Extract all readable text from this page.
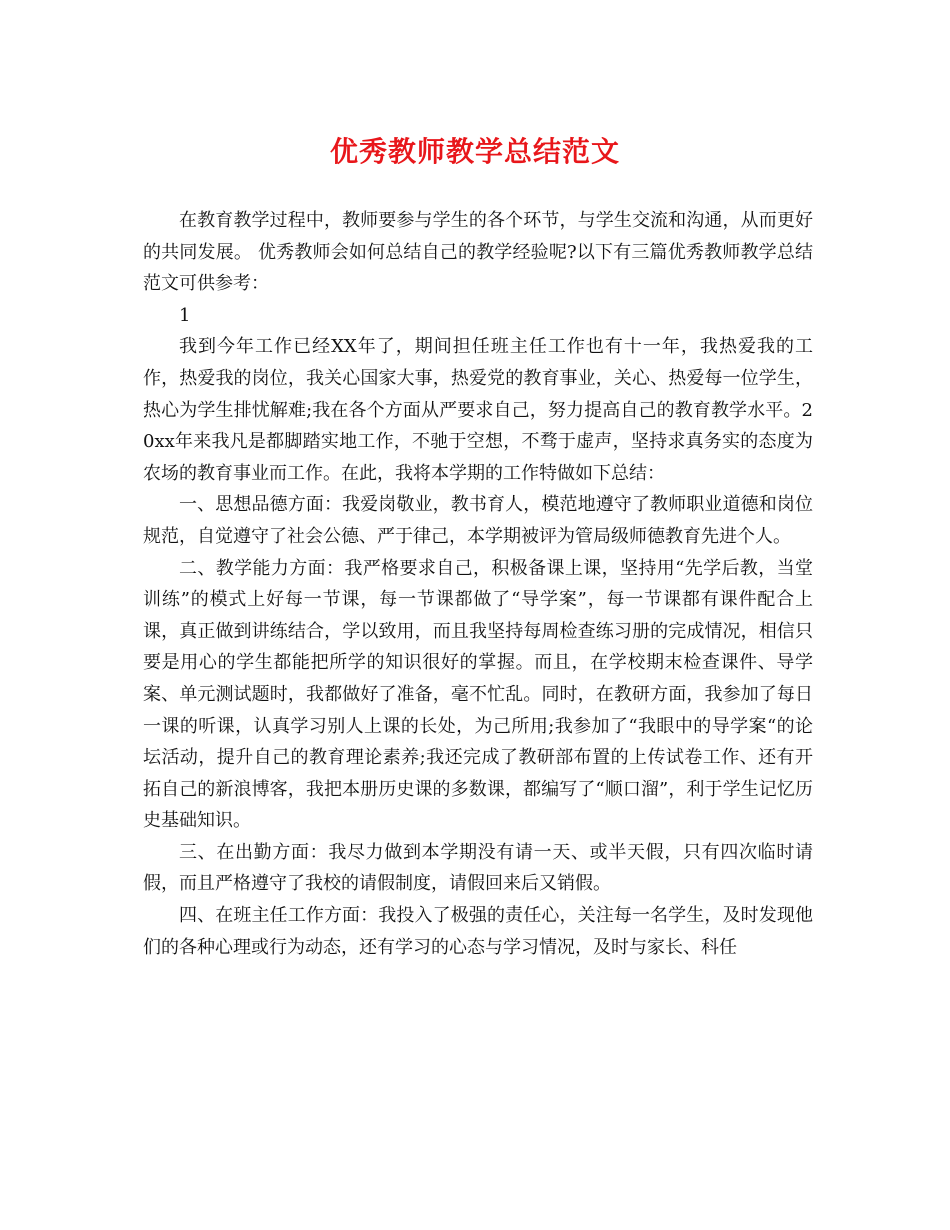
优秀教师教学总结范文

在教育教学过程中，教师要参与学生的各个环节，与学生交流和沟通，从而更好的共同发展。 优秀教师会如何总结自己的教学经验呢?以下有三篇优秀教师教学总结范文可供参考：

1

我到今年工作已经XX年了，期间担任班主任工作也有十一年，我热爱我的工作，热爱我的岗位，我关心国家大事，热爱党的教育事业，关心、热爱每一位学生，热心为学生排忧解难;我在各个方面从严要求自己，努力提高自己的教育教学水平。20xx年来我凡是都脚踏实地工作，不驰于空想，不骛于虚声，坚持求真务实的态度为农场的教育事业而工作。在此，我将本学期的工作特做如下总结：

一、思想品德方面：我爱岗敬业，教书育人，模范地遵守了教师职业道德和岗位规范，自觉遵守了社会公德、严于律己，本学期被评为管局级师德教育先进个人。

二、教学能力方面：我严格要求自己，积极备课上课，坚持用“先学后教，当堂训练”的模式上好每一节课，每一节课都做了“导学案”，每一节课都有课件配合上课，真正做到讲练结合，学以致用，而且我坚持每周检查练习册的完成情况，相信只要是用心的学生都能把所学的知识很好的掌握。而且，在学校期末检查课件、导学案、单元测试题时，我都做好了准备，毫不忙乱。同时，在教研方面，我参加了每日一课的听课，认真学习别人上课的长处，为己所用;我参加了“我眼中的导学案“的论坛活动，提升自己的教育理论素养;我还完成了教研部布置的上传试卷工作、还有开拓自己的新浪博客，我把本册历史课的多数课，都编写了“顺口溜”，利于学生记忆历史基础知识。

三、在出勤方面：我尽力做到本学期没有请一天、或半天假，只有四次临时请假，而且严格遵守了我校的请假制度，请假回来后又销假。

四、在班主任工作方面：我投入了极强的责任心，关注每一名学生，及时发现他们的各种心理或行为动态，还有学习的心态与学习情况，及时与家长、科任
